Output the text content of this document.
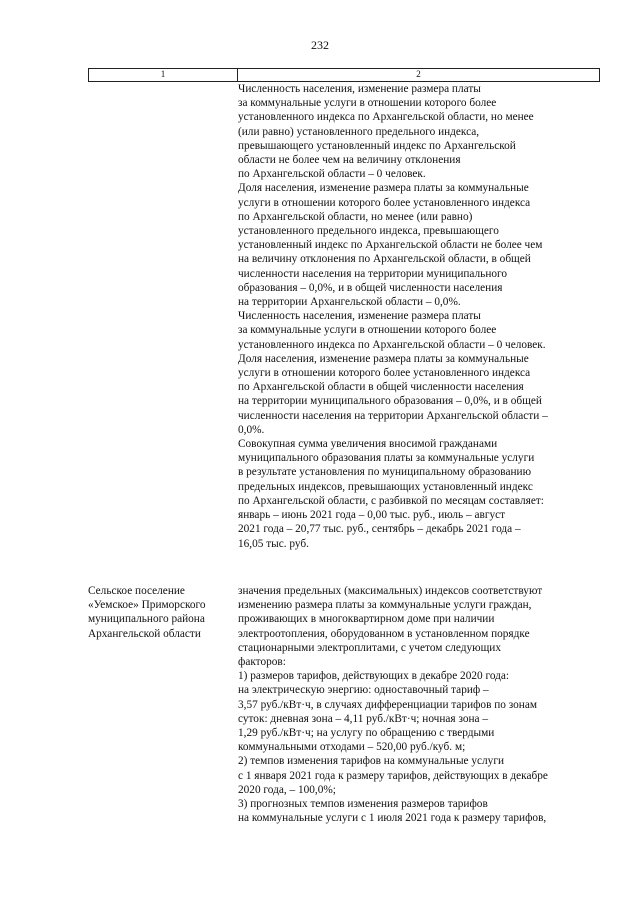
232
1	2
Численность населения, изменение размера платы
за коммунальные услуги в отношении которого более
установленного индекса по Архангельской области, но менее
(или равно) установленного предельного индекса,
превышающего установленный индекс по Архангельской
области не более чем на величину отклонения
по Архангельской области – 0 человек.
Доля населения, изменение размера платы за коммунальные
услуги в отношении которого более установленного индекса
по Архангельской области, но менее (или равно)
установленного предельного индекса, превышающего
установленный индекс по Архангельской области не более чем
на величину отклонения по Архангельской области, в общей
численности населения на территории муниципального
образования – 0,0%, и в общей численности населения
на территории Архангельской области – 0,0%.
Численность населения, изменение размера платы
за коммунальные услуги в отношении которого более
установленного индекса по Архангельской области – 0 человек.
Доля населения, изменение размера платы за коммунальные
услуги в отношении которого более установленного индекса
по Архангельской области в общей численности населения
на территории муниципального образования – 0,0%, и в общей
численности населения на территории Архангельской области –
0,0%.
Совокупная сумма увеличения вносимой гражданами
муниципального образования платы за коммунальные услуги
в результате установления по муниципальному образованию
предельных индексов, превышающих установленный индекс
по Архангельской области, с разбивкой по месяцам составляет:
январь – июнь 2021 года – 0,00 тыс. руб., июль – август
2021 года – 20,77 тыс. руб., сентябрь – декабрь 2021 года –
16,05 тыс. руб.
Сельское поселение
«Уемское» Приморского
муниципального района
Архангельской области
значения предельных (максимальных) индексов соответствуют
изменению размера платы за коммунальные услуги граждан,
проживающих в многоквартирном доме при наличии
электроотопления, оборудованном в установленном порядке
стационарными электроплитами, с учетом следующих
факторов:
1) размеров тарифов, действующих в декабре 2020 года:
на электрическую энергию: одноставочный тариф –
3,57 руб./кВт·ч, в случаях дифференциации тарифов по зонам
суток: дневная зона – 4,11 руб./кВт·ч; ночная зона –
1,29 руб./кВт·ч; на услугу по обращению с твердыми
коммунальными отходами – 520,00 руб./куб. м;
2) темпов изменения тарифов на коммунальные услуги
с 1 января 2021 года к размеру тарифов, действующих в декабре
2020 года, – 100,0%;
3) прогнозных темпов изменения размеров тарифов
на коммунальные услуги с 1 июля 2021 года к размеру тарифов,
